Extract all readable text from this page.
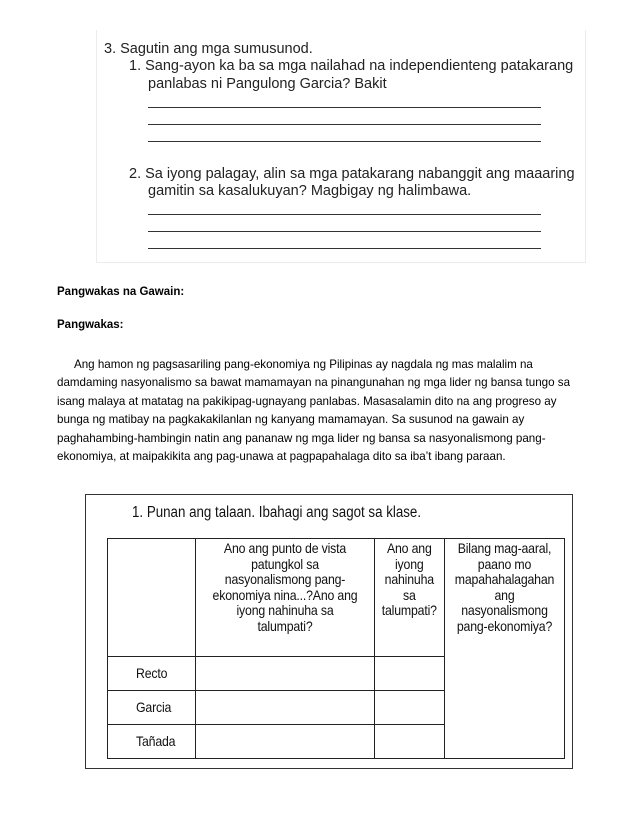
3. Sagutin ang mga sumusunod.
1. Sang-ayon ka ba sa mga nailahad na independienteng patakarang
panlabas ni Pangulong Garcia? Bakit
2. Sa iyong palagay, alin sa mga patakarang nabanggit ang maaaring
gamitin sa kasalukuyan? Magbigay ng halimbawa.
Pangwakas na Gawain:
Pangwakas:

Ang hamon ng pagsasariling pang-ekonomiya ng Pilipinas ay nagdala ng mas malalim na damdaming nasyonalismo sa bawat mamamayan na pinangunahan ng mga lider ng bansa tungo sa isang malaya at matatag na pakikipag-ugnayang panlabas. Masasalamin dito na ang progreso ay bunga ng matibay na pagkakakilanlan ng kanyang mamamayan. Sa susunod na gawain ay paghahambing-hambingin natin ang pananaw ng mga lider ng bansa sa nasyonalismong pang-ekonomiya, at maipakikita ang pag-unawa at pagpapahalaga dito sa iba’t ibang paraan.

1. Punan ang talaan. Ibahagi ang sagot sa klase.

	Ano ang punto de vista patungkol sa nasyonalismong pang-ekonomiya nina...?Ano ang iyong nahinuha sa talumpati?	Ano ang iyong nahinuha sa talumpati?	Bilang mag-aaral, paano mo mapahahalagahan ang nasyonalismong pang-ekonomiya?

Recto			
Garcia			
Tañada			
